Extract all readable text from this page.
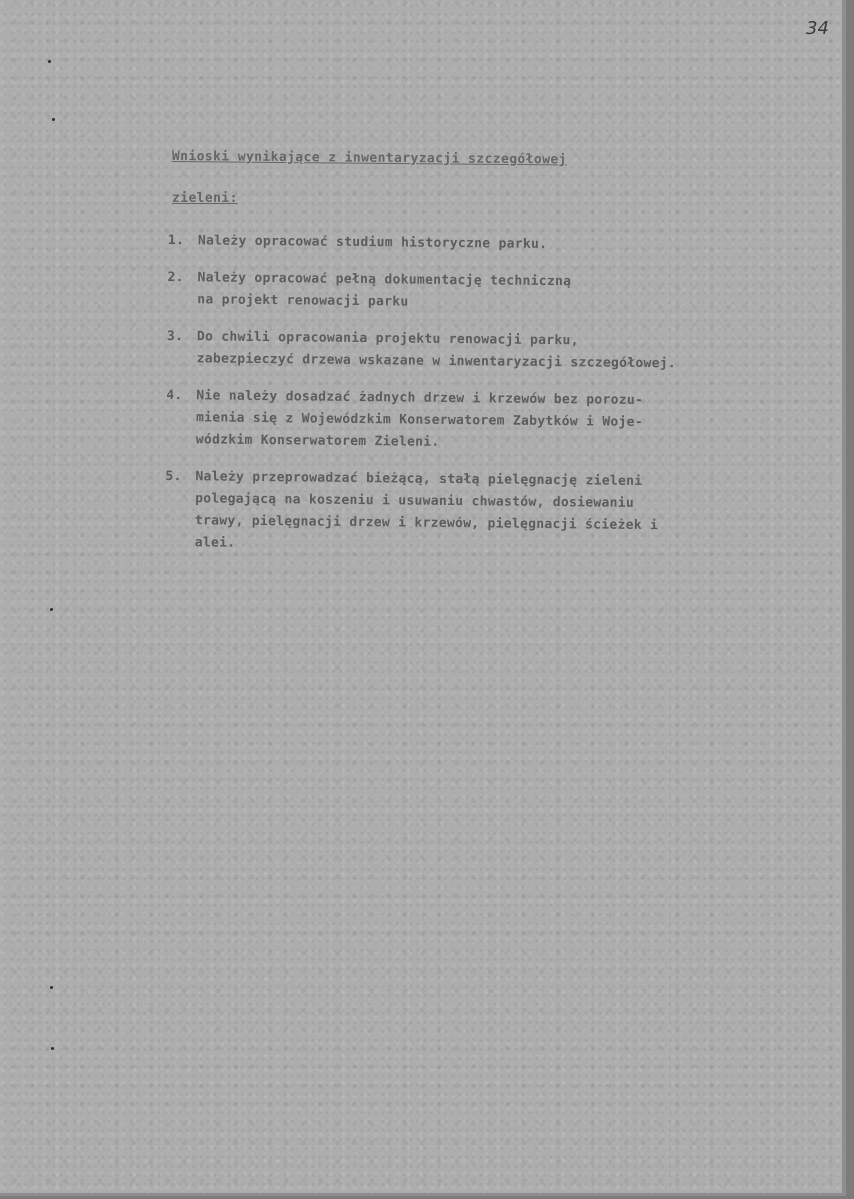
34
Wnioski wynikające z inwentaryzacji szczegółowej
zieleni:
1. Należy opracować studium historyczne parku.
2. Należy opracować pełną dokumentację techniczną
na projekt renowacji parku
3. Do chwili opracowania projektu renowacji parku,
zabezpieczyć drzewa wskazane w inwentaryzacji szczegółowej.
4. Nie należy dosadzać żadnych drzew i krzewów bez porozu-
mienia się z Wojewódzkim Konserwatorem Zabytków i Woje-
wódzkim Konserwatorem Zieleni.
5. Należy przeprowadzać bieżącą, stałą pielęgnację zieleni
polegającą na koszeniu i usuwaniu chwastów, dosiewaniu
trawy, pielęgnacji drzew i krzewów, pielęgnacji ścieżek i
alei.
